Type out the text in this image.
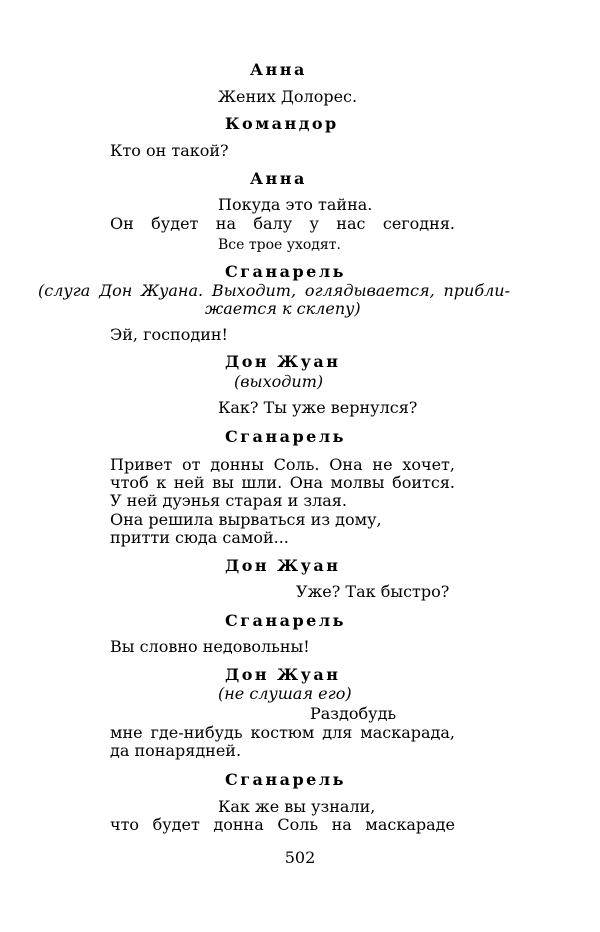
Анна
Жених Долорес.
Командор
Кто он такой?
Анна
Покуда это тайна.
Он будет на балу у нас сегодня.
Все трое уходят.
Сганарель
(слуга Дон Жуана. Выходит, оглядывается, прибли-
жается к склепу)
Эй, господин!
Дон Жуан
(выходит)
Как? Ты уже вернулся?
Сганарель
Привет от донны Соль. Она не хочет,
чтоб к ней вы шли. Она молвы боится.
У ней дуэнья старая и злая.
Она решила вырваться из дому,
притти сюда самой...
Дон Жуан
Уже? Так быстро?
Сганарель
Вы словно недовольны!
Дон Жуан
(не слушая его)
Раздобудь
мне где-нибудь костюм для маскарада,
да понарядней.
Сганарель
Как же вы узнали,
что будет донна Соль на маскараде
502
